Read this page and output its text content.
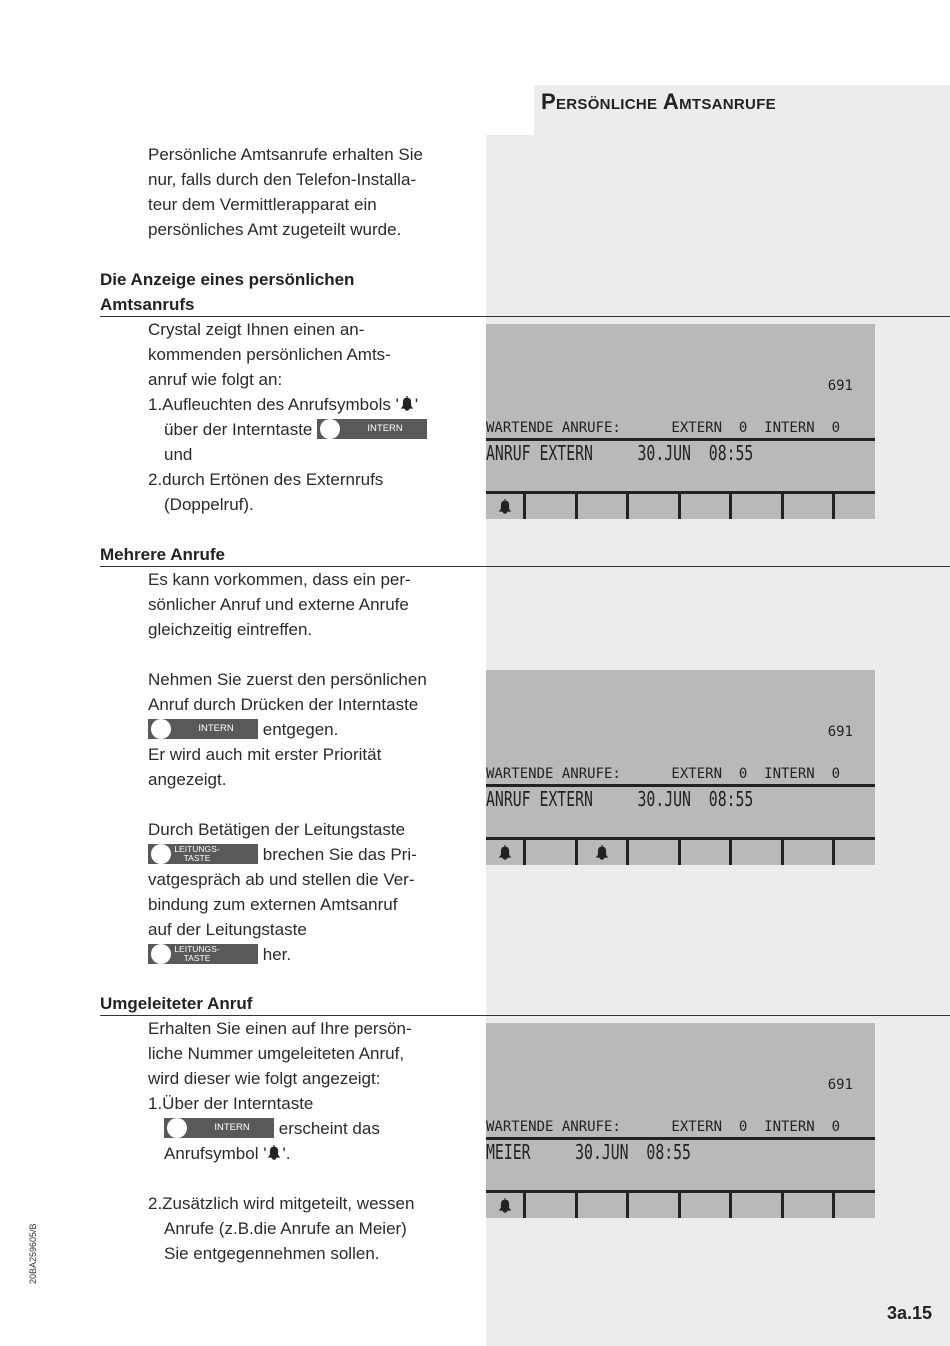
Persönliche Amtsanrufe
Persönliche Amtsanrufe erhalten Sie
nur, falls durch den Telefon-Installa-
teur dem Vermittlerapparat ein
persönliches Amt zugeteilt wurde.
Die Anzeige eines persönlichen
Amtsanrufs
Crystal zeigt Ihnen einen an-
kommenden persönlichen Amts-
anruf wie folgt an:
1.Aufleuchten des Anrufsymbols ' '
über der Interntaste	INTERN
und
2.durch Ertönen des Externrufs
(Doppelruf).
Mehrere Anrufe
Es kann vorkommen, dass ein per-
sönlicher Anruf und externe Anrufe
gleichzeitig eintreffen.
Nehmen Sie zuerst den persönlichen
Anruf durch Drücken der Interntaste
INTERN	entgegen.
Er wird auch mit erster Priorität
angezeigt.
Durch Betätigen der Leitungstaste
LEITUNGS-
TASTE	brechen Sie das Pri-
vatgespräch ab und stellen die Ver-
bindung zum externen Amtsanruf
auf der Leitungstaste
LEITUNGS-
TASTE	her.
Umgeleiteter Anruf
Erhalten Sie einen auf Ihre persön-
liche Nummer umgeleiteten Anruf,
wird dieser wie folgt angezeigt:
1.Über der Interntaste
INTERN	erscheint das
Anrufsymbol ' '.
2.Zusätzlich wird mitgeteilt, wessen
Anrufe (z.B.die Anrufe an Meier)
Sie entgegennehmen sollen.
691
WARTENDE ANRUFE:      EXTERN  0  INTERN  0
ANRUF EXTERN 30.JUN 08:55
691
WARTENDE ANRUFE:      EXTERN  0  INTERN  0
ANRUF EXTERN 30.JUN 08:55
691
WARTENDE ANRUFE:      EXTERN  0  INTERN  0
MEIER 30.JUN 08:55
20BA259605/B
3a.15
